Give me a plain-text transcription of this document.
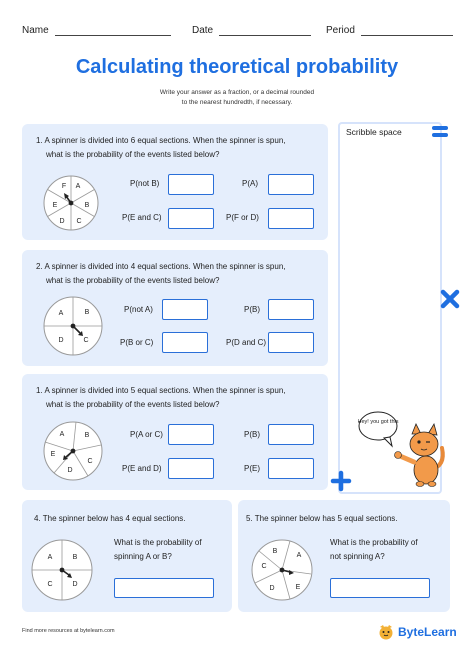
Name	Date	Period
Calculating theoretical probability
Write your answer as a fraction, or a decimal rounded
to the nearest hundredth, if necessary.
1. A spinner is divided into 6 equal sections. When the spinner is spun,
what is the probability of the events listed below?
A
B
C
D
E
F	P(not B)	P(A)
P(E and C)	P(F or D)
2. A spinner is divided into 4 equal sections. When the spinner is spun,
what is the probability of the events listed below?
A	B
C
D
P(not A)	P(B)
P(B or C)	P(D and C)
1. A spinner is divided into 5 equal sections. When the spinner is spun,
what is the probability of the events listed below?
A	B
C
D
E
P(A or C)	P(B)
P(E and D)	P(E)
4. The spinner below has 4 equal sections.
A	B
C	D
What is the probability of
spinning A or B?
5. The spinner below has 5 equal sections.
A
B
C
D	E
What is the probability of
not spinning A?
Scribble space
Hey! you got this
Find more resources at bytelearn.com	ByteLearn
